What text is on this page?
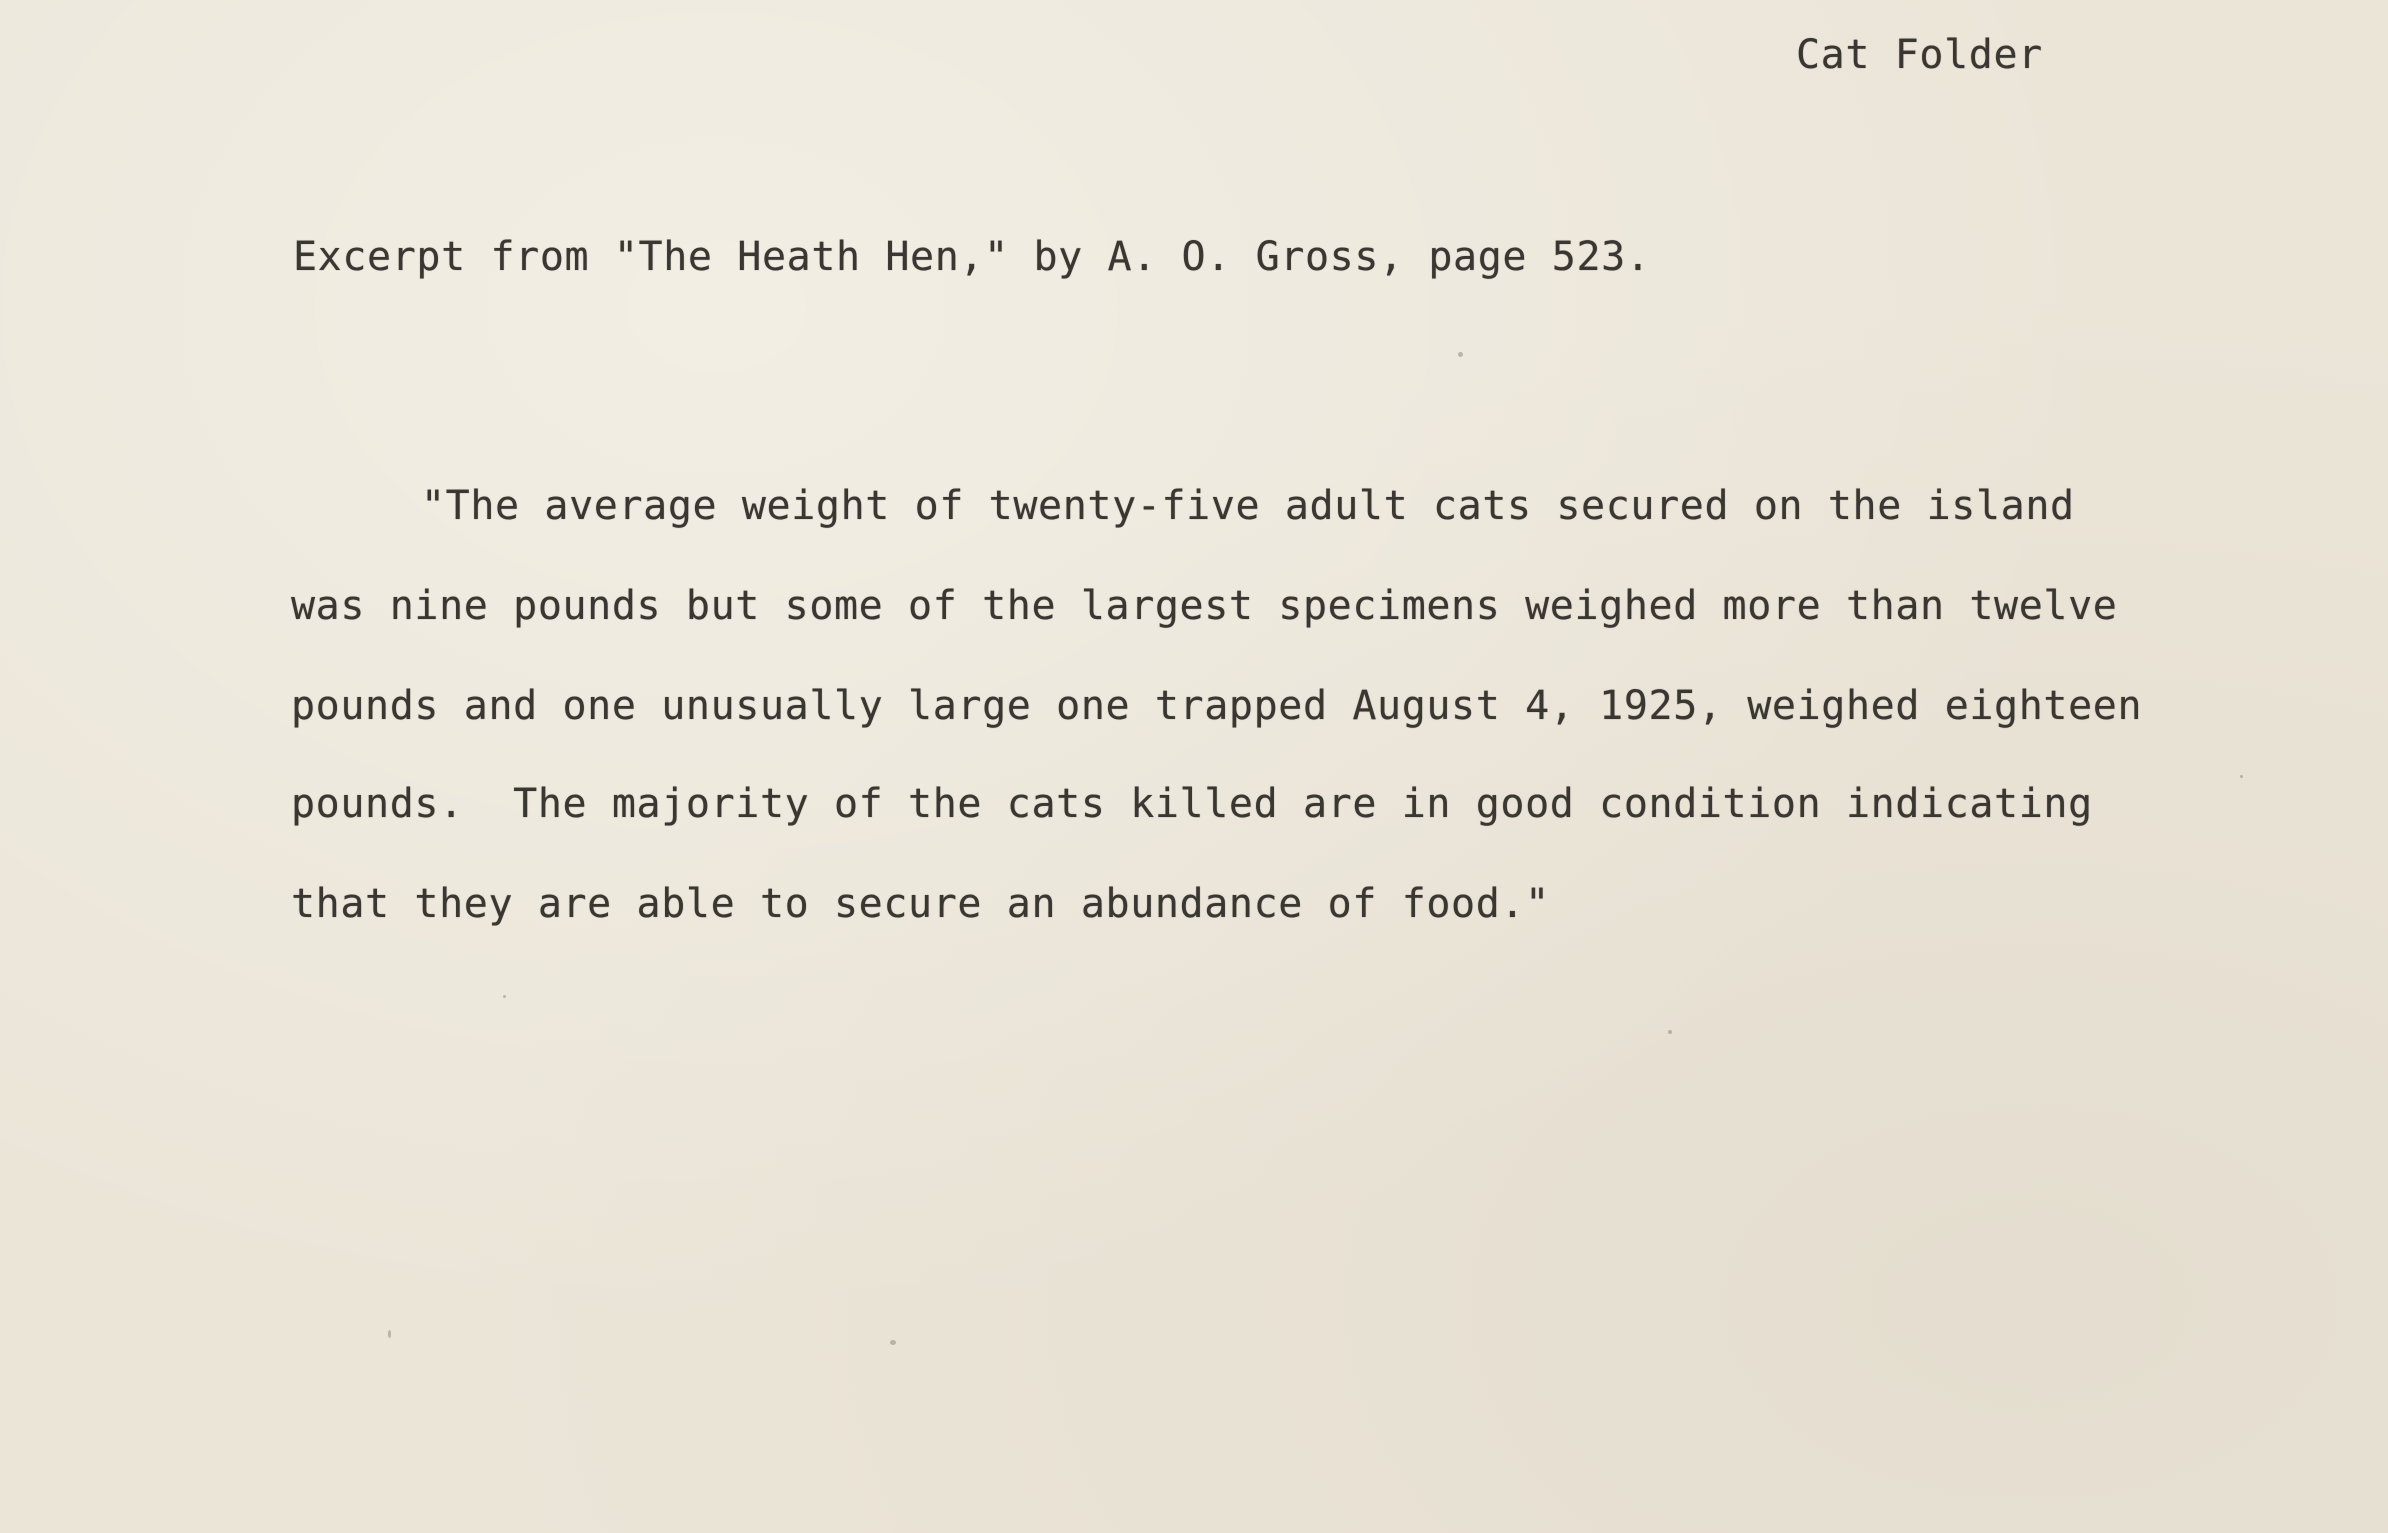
Cat Folder
Excerpt from "The Heath Hen," by A. O. Gross, page 523.
"The average weight of twenty-five adult cats secured on the island
was nine pounds but some of the largest specimens weighed more than twelve
pounds and one unusually large one trapped August 4, 1925, weighed eighteen
pounds.  The majority of the cats killed are in good condition indicating
that they are able to secure an abundance of food."
